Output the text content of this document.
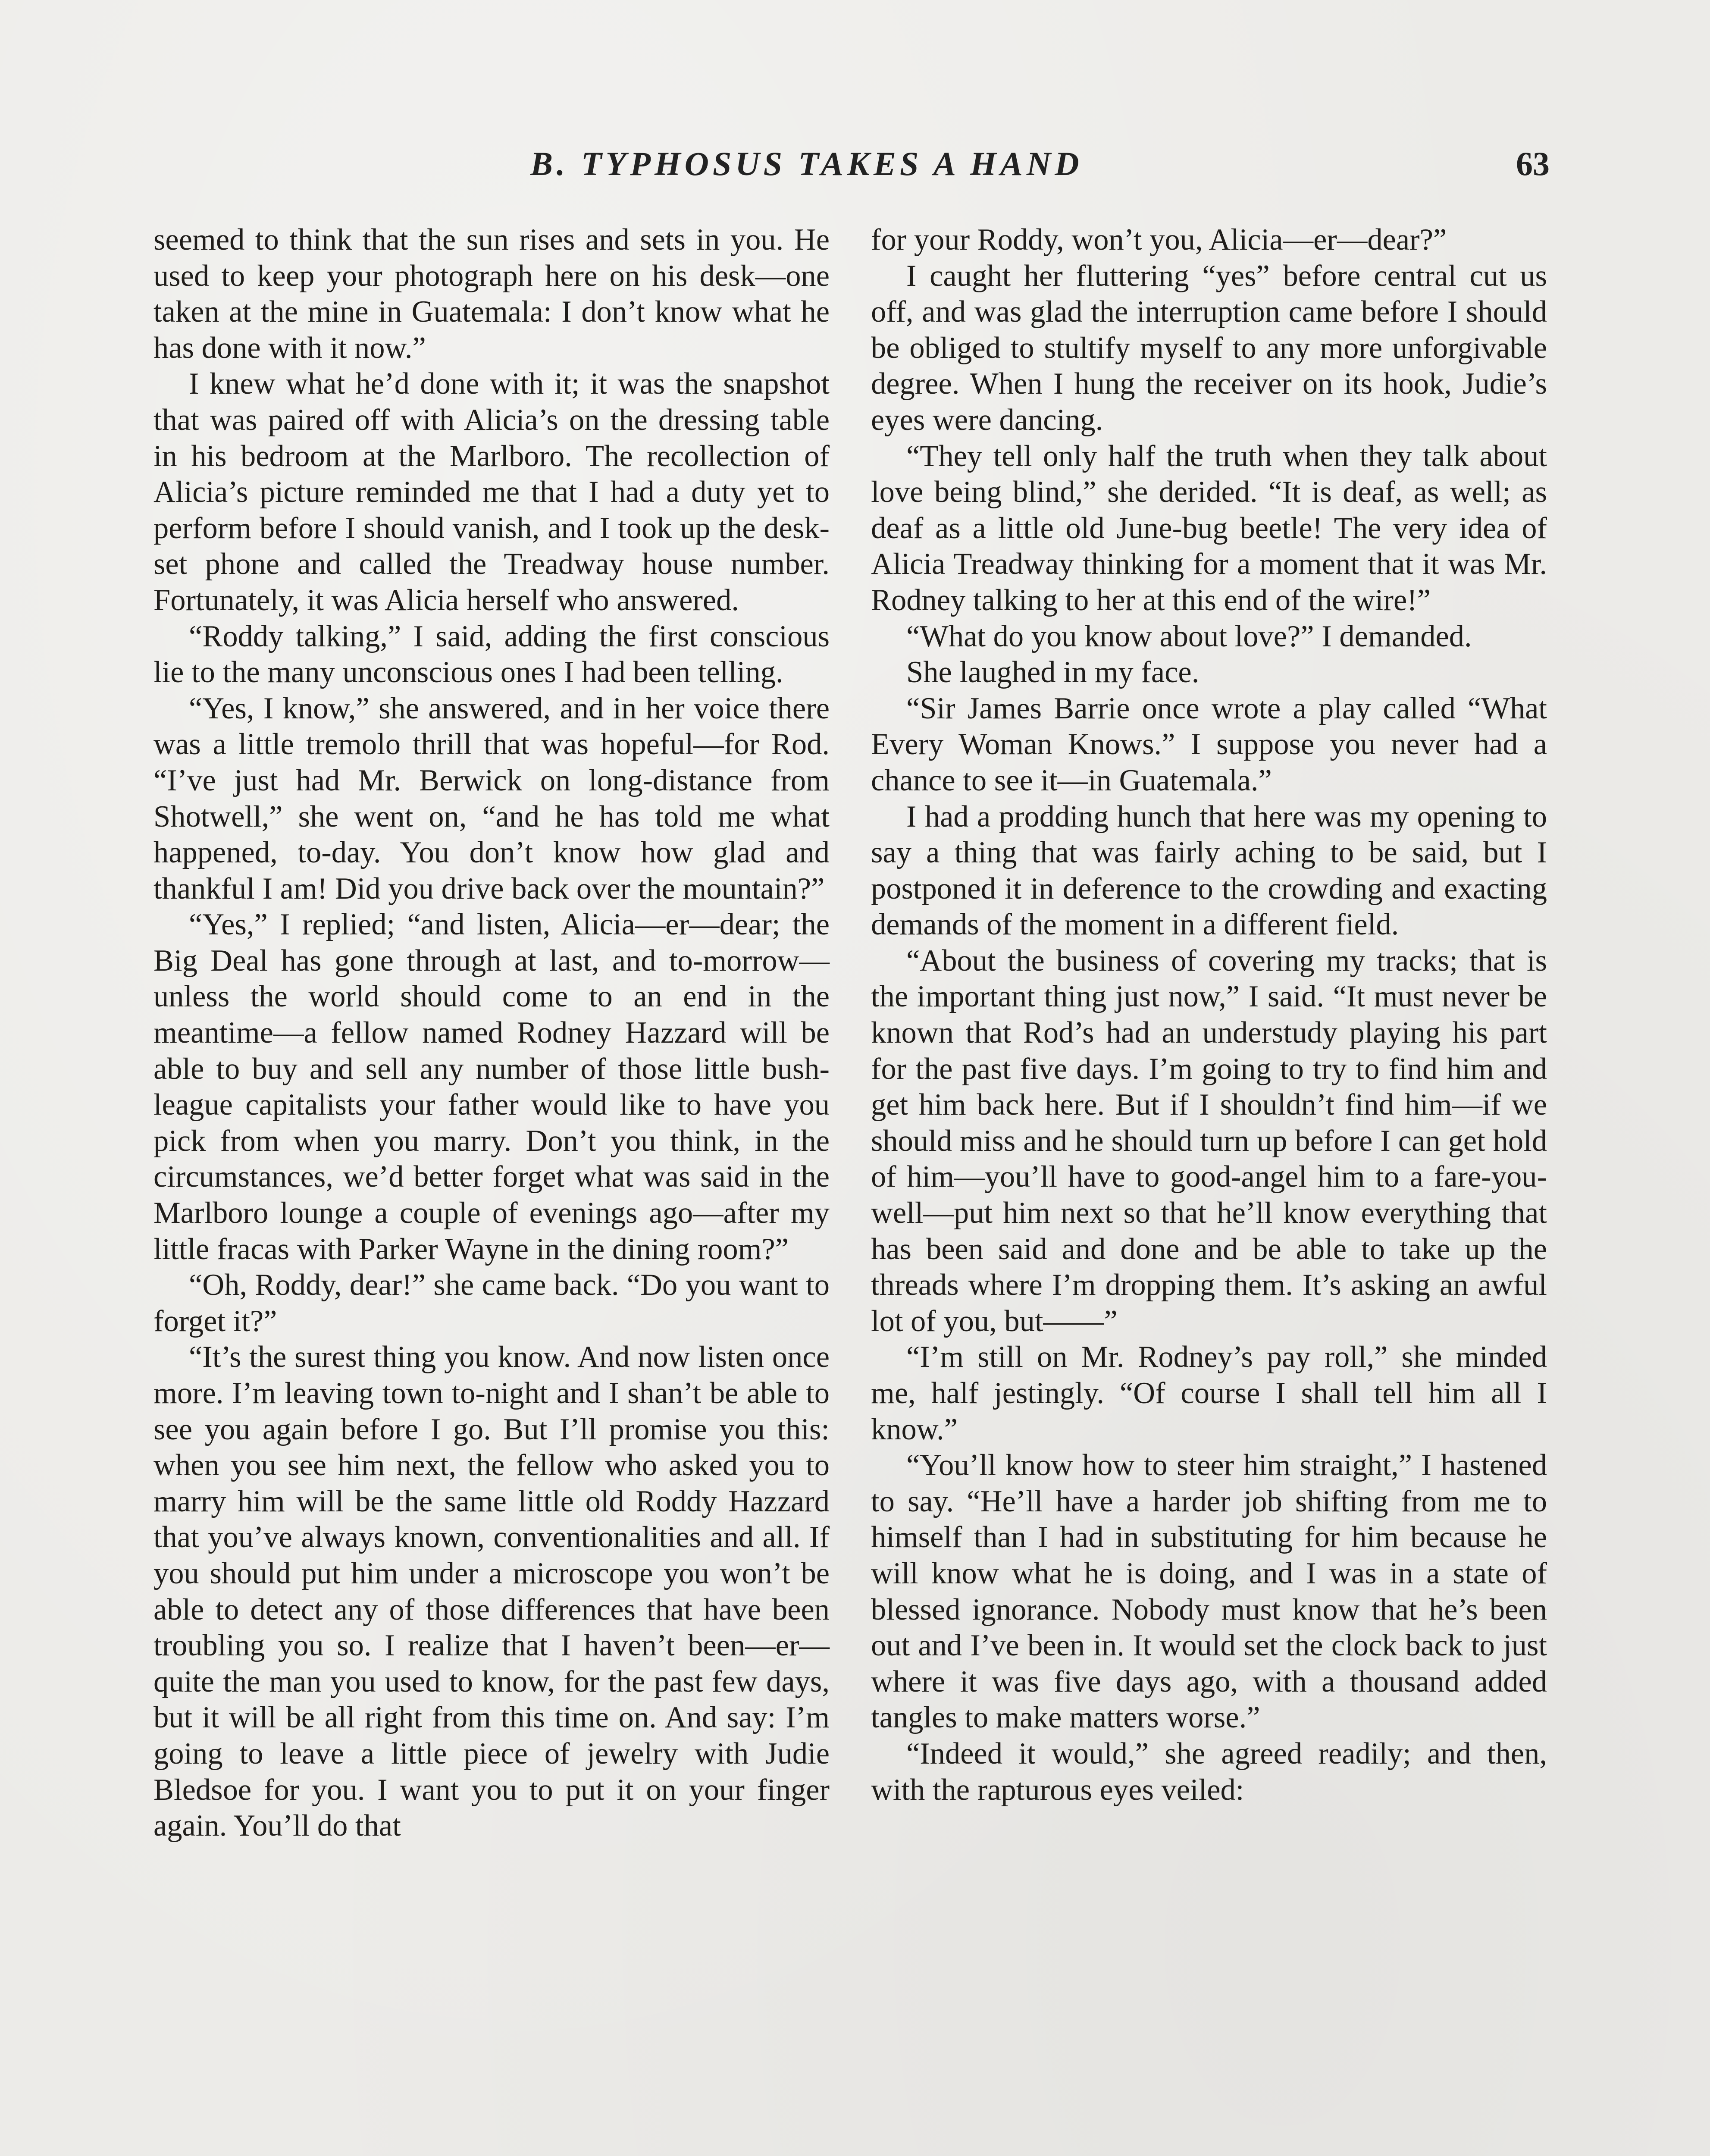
B. TYPHOSUS TAKES A HAND	63

seemed to think that the sun rises and sets in you. He used to keep your photograph here on his desk—one taken at the mine in Guatemala: I don’t know what he has done with it now.”

I knew what he’d done with it; it was the snapshot that was paired off with Alicia’s on the dressing table in his bedroom at the Marlboro. The recollection of Alicia’s picture reminded me that I had a duty yet to perform before I should vanish, and I took up the desk-set phone and called the Treadway house number. Fortunately, it was Alicia herself who answered.

“Roddy talking,” I said, adding the first conscious lie to the many unconscious ones I had been telling.

“Yes, I know,” she answered, and in her voice there was a little tremolo thrill that was hopeful—for Rod. “I’ve just had Mr. Berwick on long-distance from Shotwell,” she went on, “and he has told me what happened, to-day. You don’t know how glad and thankful I am! Did you drive back over the mountain?”

“Yes,” I replied; “and listen, Alicia—er—dear; the Big Deal has gone through at last, and to-morrow—unless the world should come to an end in the meantime—a fellow named Rodney Hazzard will be able to buy and sell any number of those little bush-league capitalists your father would like to have you pick from when you marry. Don’t you think, in the circumstances, we’d better forget what was said in the Marlboro lounge a couple of evenings ago—after my little fracas with Parker Wayne in the dining room?”

“Oh, Roddy, dear!” she came back. “Do you want to forget it?”

“It’s the surest thing you know. And now listen once more. I’m leaving town to-night and I shan’t be able to see you again before I go. But I’ll promise you this: when you see him next, the fellow who asked you to marry him will be the same little old Roddy Hazzard that you’ve always known, conventionalities and all. If you should put him under a microscope you won’t be able to detect any of those differences that have been troubling you so. I realize that I haven’t been—er—quite the man you used to know, for the past few days, but it will be all right from this time on. And say: I’m going to leave a little piece of jewelry with Judie Bledsoe for you. I want you to put it on your finger again. You’ll do that

for your Roddy, won’t you, Alicia—er—dear?”

I caught her fluttering “yes” before central cut us off, and was glad the interruption came before I should be obliged to stultify myself to any more unforgivable degree. When I hung the receiver on its hook, Judie’s eyes were dancing.

“They tell only half the truth when they talk about love being blind,” she derided. “It is deaf, as well; as deaf as a little old June-bug beetle! The very idea of Alicia Treadway thinking for a moment that it was Mr. Rodney talking to her at this end of the wire!”

“What do you know about love?” I demanded.

She laughed in my face.

“Sir James Barrie once wrote a play called “What Every Woman Knows.” I suppose you never had a chance to see it—in Guatemala.”

I had a prodding hunch that here was my opening to say a thing that was fairly aching to be said, but I postponed it in deference to the crowding and exacting demands of the moment in a different field.

“About the business of covering my tracks; that is the important thing just now,” I said. “It must never be known that Rod’s had an understudy playing his part for the past five days. I’m going to try to find him and get him back here. But if I shouldn’t find him—if we should miss and he should turn up before I can get hold of him—you’ll have to good-angel him to a fare-you-well—put him next so that he’ll know everything that has been said and done and be able to take up the threads where I’m dropping them. It’s asking an awful lot of you, but——”

“I’m still on Mr. Rodney’s pay roll,” she minded me, half jestingly. “Of course I shall tell him all I know.”

“You’ll know how to steer him straight,” I hastened to say. “He’ll have a harder job shifting from me to himself than I had in substituting for him because he will know what he is doing, and I was in a state of blessed ignorance. Nobody must know that he’s been out and I’ve been in. It would set the clock back to just where it was five days ago, with a thousand added tangles to make matters worse.”

“Indeed it would,” she agreed readily; and then, with the rapturous eyes veiled:
